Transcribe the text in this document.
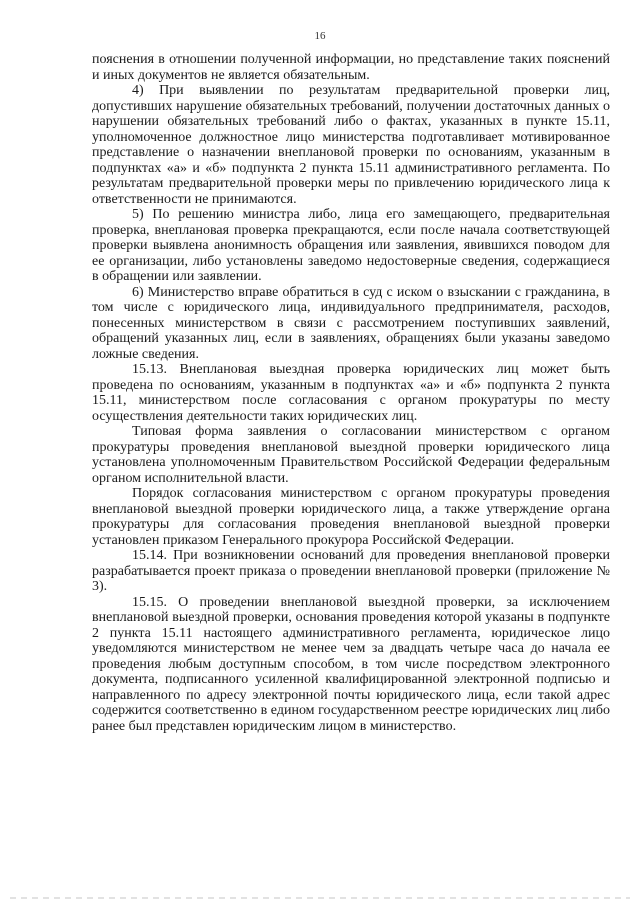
16

пояснения в отношении полученной информации, но представление таких пояснений и иных документов не является обязательным.

4) При выявлении по результатам предварительной проверки лиц, допустивших нарушение обязательных требований, получении достаточных данных о нарушении обязательных требований либо о фактах, указанных в пункте 15.11, уполномоченное должностное лицо министерства подготавливает мотивированное представление о назначении внеплановой проверки по основаниям, указанным в подпунктах «а» и «б» подпункта 2 пункта 15.11 административного регламента. По результатам предварительной проверки меры по привлечению юридического лица к ответственности не принимаются.

5) По решению министра либо, лица его замещающего, предварительная проверка, внеплановая проверка прекращаются, если после начала соответствующей проверки выявлена анонимность обращения или заявления, явившихся поводом для ее организации, либо установлены заведомо недостоверные сведения, содержащиеся в обращении или заявлении.

6) Министерство вправе обратиться в суд с иском о взыскании с гражданина, в том числе с юридического лица, индивидуального предпринимателя, расходов, понесенных министерством в связи с рассмотрением поступивших заявлений, обращений указанных лиц, если в заявлениях, обращениях были указаны заведомо ложные сведения.

15.13. Внеплановая выездная проверка юридических лиц может быть проведена по основаниям, указанным в подпунктах «а» и «б» подпункта 2 пункта 15.11, министерством после согласования с органом прокуратуры по месту осуществления деятельности таких юридических лиц.

Типовая форма заявления о согласовании министерством с органом прокуратуры проведения внеплановой выездной проверки юридического лица установлена уполномоченным Правительством Российской Федерации федеральным органом исполнительной власти.

Порядок согласования министерством с органом прокуратуры проведения внеплановой выездной проверки юридического лица, а также утверждение органа прокуратуры для согласования проведения внеплановой выездной проверки установлен приказом Генерального прокурора Российской Федерации.

15.14. При возникновении оснований для проведения внеплановой проверки разрабатывается проект приказа о проведении внеплановой проверки (приложение № 3).

15.15. О проведении внеплановой выездной проверки, за исключением внеплановой выездной проверки, основания проведения которой указаны в подпункте 2 пункта 15.11 настоящего административного регламента, юридическое лицо уведомляются министерством не менее чем за двадцать четыре часа до начала ее проведения любым доступным способом, в том числе посредством электронного документа, подписанного усиленной квалифицированной электронной подписью и направленного по адресу электронной почты юридического лица, если такой адрес содержится соответственно в едином государственном реестре юридических лиц либо ранее был представлен юридическим лицом в министерство.
